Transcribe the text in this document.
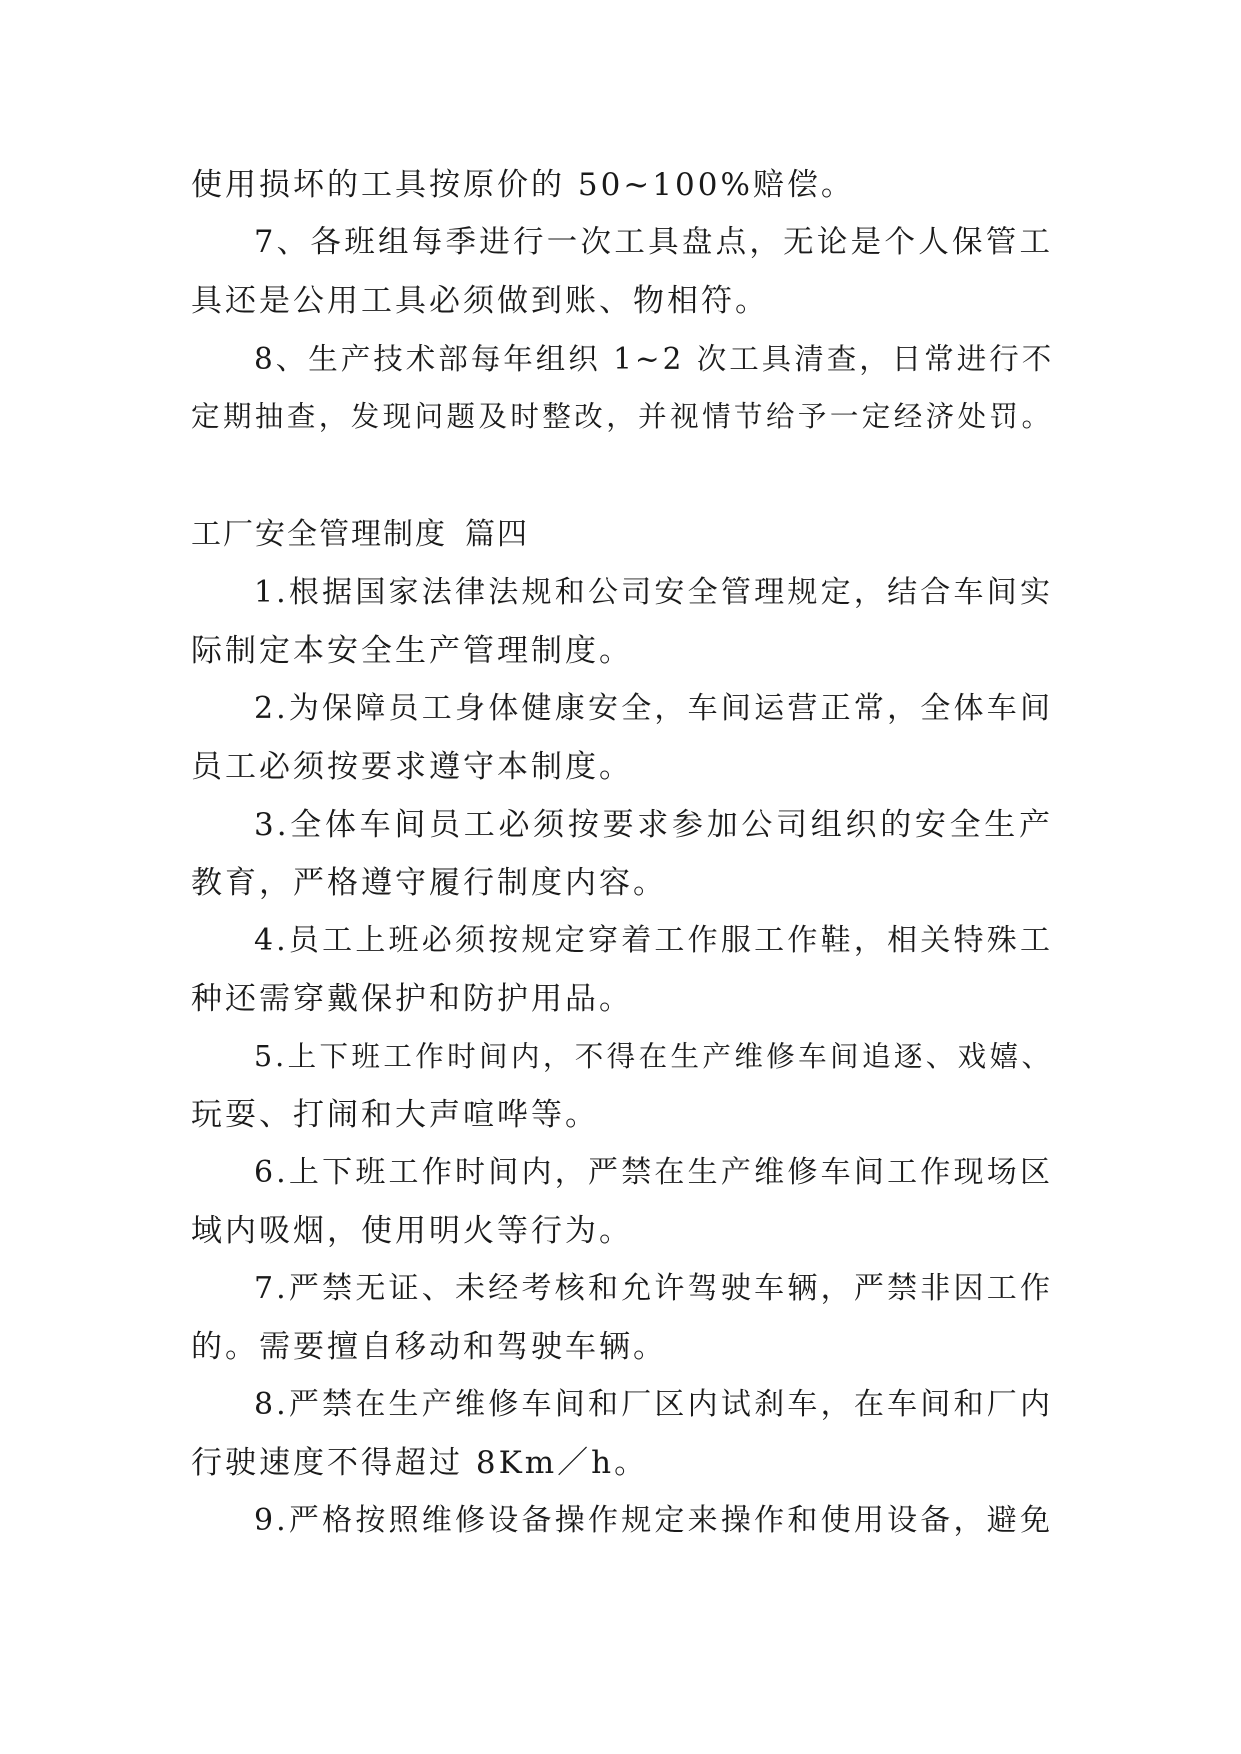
使用损坏的工具按原价的 50~100%赔偿。
7、各班组每季进行一次工具盘点，无论是个人保管工
具还是公用工具必须做到账、物相符。
8、生产技术部每年组织 1~2 次工具清查，日常进行不
定期抽查，发现问题及时整改，并视情节给予一定经济处罚。
工厂安全管理制度 篇四
1.根据国家法律法规和公司安全管理规定，结合车间实
际制定本安全生产管理制度。
2.为保障员工身体健康安全，车间运营正常，全体车间
员工必须按要求遵守本制度。
3.全体车间员工必须按要求参加公司组织的安全生产
教育，严格遵守履行制度内容。
4.员工上班必须按规定穿着工作服工作鞋，相关特殊工
种还需穿戴保护和防护用品。
5.上下班工作时间内，不得在生产维修车间追逐、戏嬉、
玩耍、打闹和大声喧哗等。
6.上下班工作时间内，严禁在生产维修车间工作现场区
域内吸烟，使用明火等行为。
7.严禁无证、未经考核和允许驾驶车辆，严禁非因工作
的。需要擅自移动和驾驶车辆。
8.严禁在生产维修车间和厂区内试刹车，在车间和厂内
行驶速度不得超过 8Km／h。
9.严格按照维修设备操作规定来操作和使用设备，避免
